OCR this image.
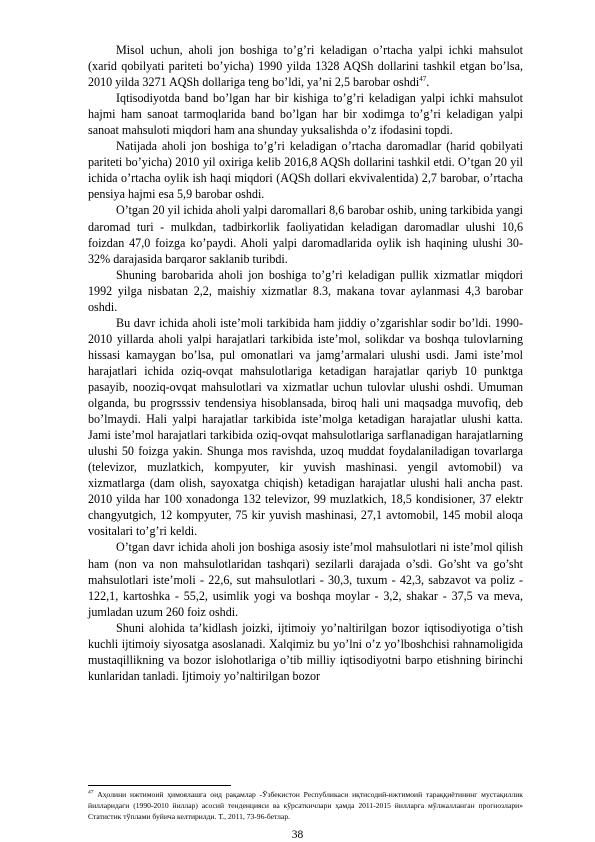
Misol uchun, aholi jon boshiga to’g’ri keladigan o’rtacha yalpi ichki mahsulot (xarid qobilyati pariteti bo’yicha) 1990 yilda 1328 AQSh dollarini tashkil etgan bo’lsa, 2010 yilda 3271 AQSh dollariga teng bo’ldi, ya’ni 2,5 barobar oshdi$^{47}$.

Iqtisodiyotda band bo’lgan har bir kishiga to’g’ri keladigan yalpi ichki mahsulot hajmi ham sanoat tarmoqlarida band bo’lgan har bir xodimga to’g’ri keladigan yalpi sanoat mahsuloti miqdori ham ana shunday yuksalishda o’z ifodasini topdi.

Natijada aholi jon boshiga to’g’ri keladigan o’rtacha daromadlar (harid qobilyati pariteti bo’yicha) 2010 yil oxiriga kelib 2016,8 AQSh dollarini tashkil etdi. O’tgan 20 yil ichida o’rtacha oylik ish haqi miqdori (AQSh dollari ekvivalentida) 2,7 barobar, o’rtacha pensiya hajmi esa 5,9 barobar oshdi.

O’tgan 20 yil ichida aholi yalpi daromallari 8,6 barobar oshib, uning tarkibida yangi daromad turi - mulkdan, tadbirkorlik faoliyatidan keladigan daromadlar ulushi 10,6 foizdan 47,0 foizga ko’paydi. Aholi yalpi daromadlarida oylik ish haqining ulushi 30-32% darajasida barqaror saklanib turibdi.

Shuning barobarida aholi jon boshiga to’g’ri keladigan pullik xizmatlar miqdori 1992 yilga nisbatan 2,2, maishiy xizmatlar 8.3, makana tovar aylanmasi 4,3 barobar oshdi.

Bu davr ichida aholi iste’moli tarkibida ham jiddiy o’zgarishlar sodir bo’ldi. 1990-2010 yillarda aholi yalpi harajatlari tarkibida iste’mol, solikdar va boshqa tulovlarning hissasi kamaygan bo’lsa, pul omonatlari va jamg’armalari ulushi usdi. Jami iste’mol harajatlari ichida oziq-ovqat mahsulotlariga ketadigan harajatlar qariyb 10 punktga pasayib, nooziq-ovqat mahsulotlari va xizmatlar uchun tulovlar ulushi oshdi. Umuman olganda, bu progrsssiv tendensiya hisoblansada, biroq hali uni maqsadga muvofiq, deb bo’lmaydi. Hali yalpi harajatlar tarkibida iste’molga ketadigan harajatlar ulushi katta. Jami iste’mol harajatlari tarkibida oziq-ovqat mahsulotlariga sarflanadigan harajatlarning ulushi 50 foizga yakin. Shunga mos ravishda, uzoq muddat foydalaniladigan tovarlarga (televizor, muzlatkich, kompyuter, kir yuvish mashinasi. yengil avtomobil) va xizmatlarga (dam olish, sayoxatga chiqish) ketadigan harajatlar ulushi hali ancha past. 2010 yilda har 100 xonadonga 132 televizor, 99 muzlatkich, 18,5 kondisioner, 37 elektr changyutgich, 12 kompyuter, 75 kir yuvish mashinasi, 27,1 avtomobil, 145 mobil aloqa vositalari to’g’ri keldi.

O’tgan davr ichida aholi jon boshiga asosiy iste’mol mahsulotlari ni iste’mol qilish ham (non va non mahsulotlaridan tashqari) sezilarli darajada o’sdi. Go’sht va go’sht mahsulotlari iste’moli - 22,6, sut mahsulotlari - 30,3, tuxum - 42,3, sabzavot va poliz - 122,1, kartoshka - 55,2, usimlik yogi va boshqa moylar - 3,2, shakar - 37,5 va meva, jumladan uzum 260 foiz oshdi.

Shuni alohida ta’kidlash joizki, ijtimoiy yo’naltirilgan bozor iqtisodiyotiga o’tish kuchli ijtimoiy siyosatga asoslanadi. Xalqimiz bu yo’lni o’z yo’lboshchisi rahnamoligida mustaqillikning va bozor islohotlariga o’tib milliy iqtisodiyotni barpo etishning birinchi kunlaridan tanladi. Ijtimoiy yo’naltirilgan bozor

$^{47}$ Аҳолини ижтимоий ҳимоялашга оид рақамлар -Ўзбекистон Республикаси иқтисодий-ижтимоий тараққиётининг мустақиллик йилларидаги (1990-2010 йиллар) асосий тенденцияси ва кўрсаткичлари ҳамда 2011-2015 йилларга мўлжалланган прогнозлари» Статистик тўплами буйича келтирилди. Т., 2011, 73-96-бетлар.
38
